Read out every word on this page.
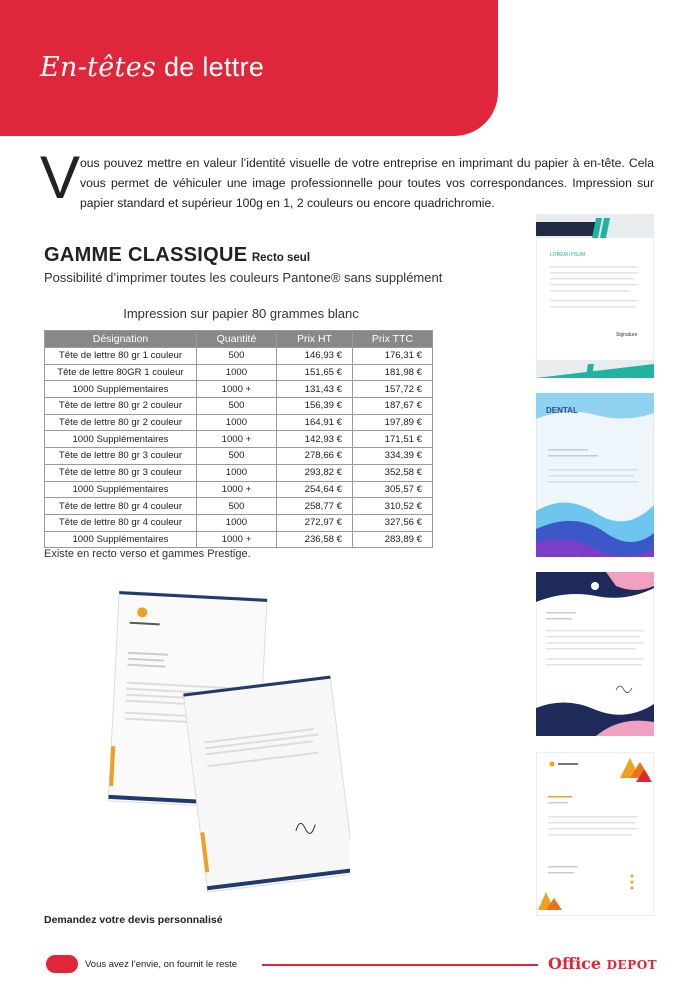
En-têtes de lettre
V ous pouvez mettre en valeur l’identité visuelle de votre entreprise en imprimant du papier à en-tête. Cela vous permet de véhiculer une image professionnelle pour toutes vos correspondances. Impression sur papier standard et supérieur 100g en 1, 2 couleurs ou encore quadrichromie.
GAMME CLASSIQUE Recto seul
Possibilité d’imprimer toutes les couleurs Pantone® sans supplément
Impression sur papier 80 grammes blanc
Désignation	Quantité	Prix HT	Prix TTC
Tête de lettre 80 gr 1 couleur	500	146,93 €	176,31 €
Tête de lettre 80GR 1 couleur	1000	151,65 €	181,98 €
1000 Supplémentaires	1000 +	131,43 €	157,72 €
Tête de lettre 80 gr 2 couleur	500	156,39 €	187,67 €
Tête de lettre 80 gr 2 couleur	1000	164,91 €	197,89 €
1000 Supplémentaires	1000 +	142,93 €	171,51 €
Tête de lettre 80 gr 3 couleur	500	278,66 €	334,39 €
Tête de lettre 80 gr 3 couleur	1000	293,82 €	352,58 €
1000 Supplémentaires	1000 +	254,64 €	305,57 €
Tête de lettre 80 gr 4 couleur	500	258,77 €	310,52 €
Tête de lettre 80 gr 4 couleur	1000	272,97 €	327,56 €
1000 Supplémentaires	1000 +	236,58 €	283,89 €
Existe en recto verso et gammes Prestige.
LOREM IPSUM
Signature
DENTAL
Demandez votre devis personnalisé
Vous avez l’envie, on fournit le reste	Office DEPOT
